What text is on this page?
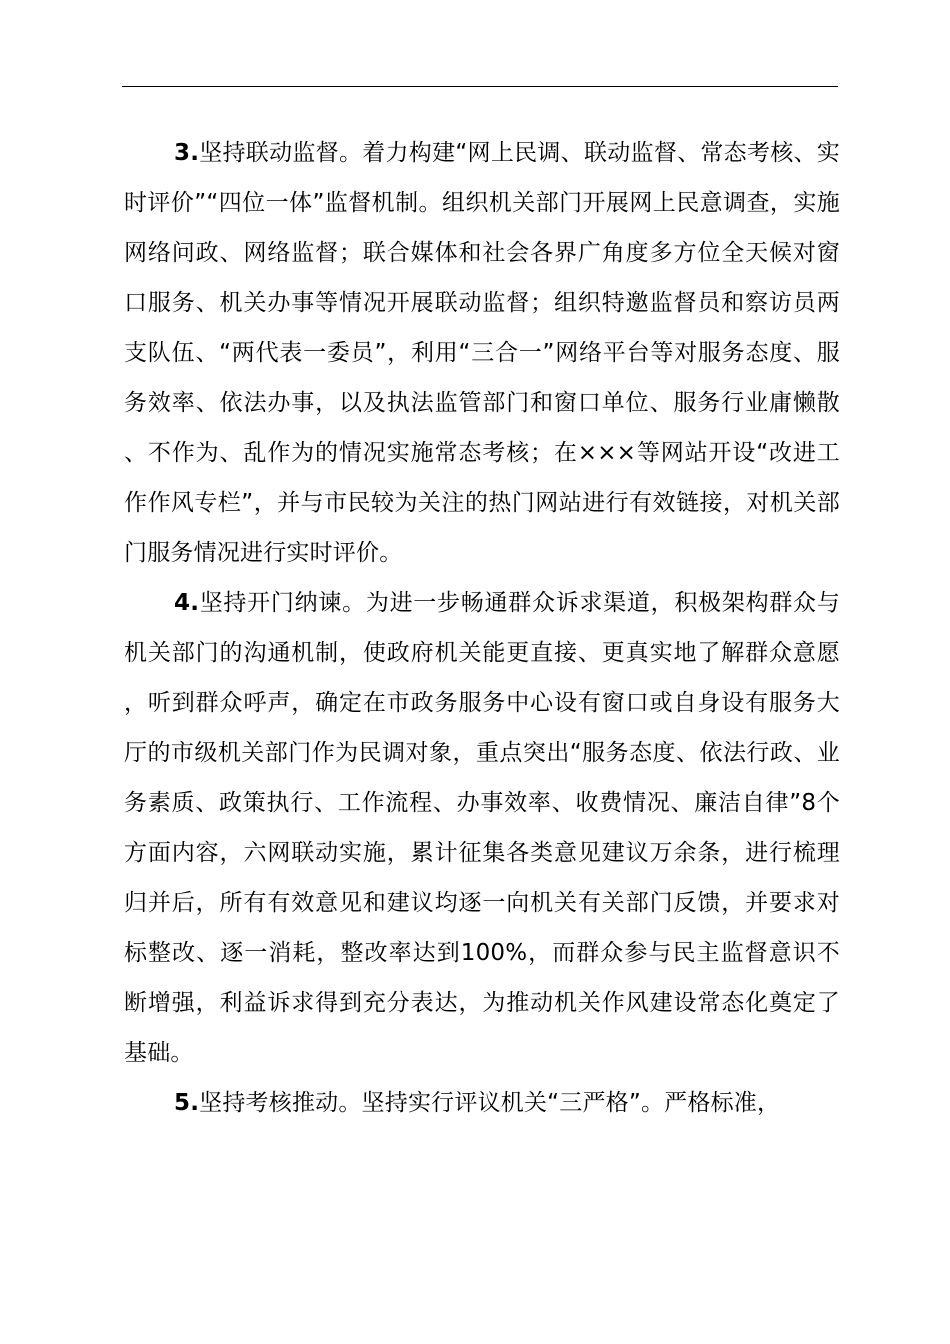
3.坚持联动监督。着力构建“网上民调、联动监督、常态考核、实时评价”“四位一体”监督机制。组织机关部门开展网上民意调查，实施网络问政、网络监督；联合媒体和社会各界广角度多方位全天候对窗口服务、机关办事等情况开展联动监督；组织特邀监督员和察访员两支队伍、“两代表一委员”，利用“三合一”网络平台等对服务态度、服务效率、依法办事，以及执法监管部门和窗口单位、服务行业庸懒散、不作为、乱作为的情况实施常态考核；在×××等网站开设“改进工作作风专栏”，并与市民较为关注的热门网站进行有效链接，对机关部门服务情况进行实时评价。

4.坚持开门纳谏。为进一步畅通群众诉求渠道，积极架构群众与机关部门的沟通机制，使政府机关能更直接、更真实地了解群众意愿，听到群众呼声，确定在市政务服务中心设有窗口或自身设有服务大厅的市级机关部门作为民调对象，重点突出“服务态度、依法行政、业务素质、政策执行、工作流程、办事效率、收费情况、廉洁自律”8个方面内容，六网联动实施，累计征集各类意见建议万余条，进行梳理归并后，所有有效意见和建议均逐一向机关有关部门反馈，并要求对标整改、逐一消耗，整改率达到100%，而群众参与民主监督意识不断增强，利益诉求得到充分表达，为推动机关作风建设常态化奠定了基础。

5.坚持考核推动。坚持实行评议机关“三严格”。严格标准，
